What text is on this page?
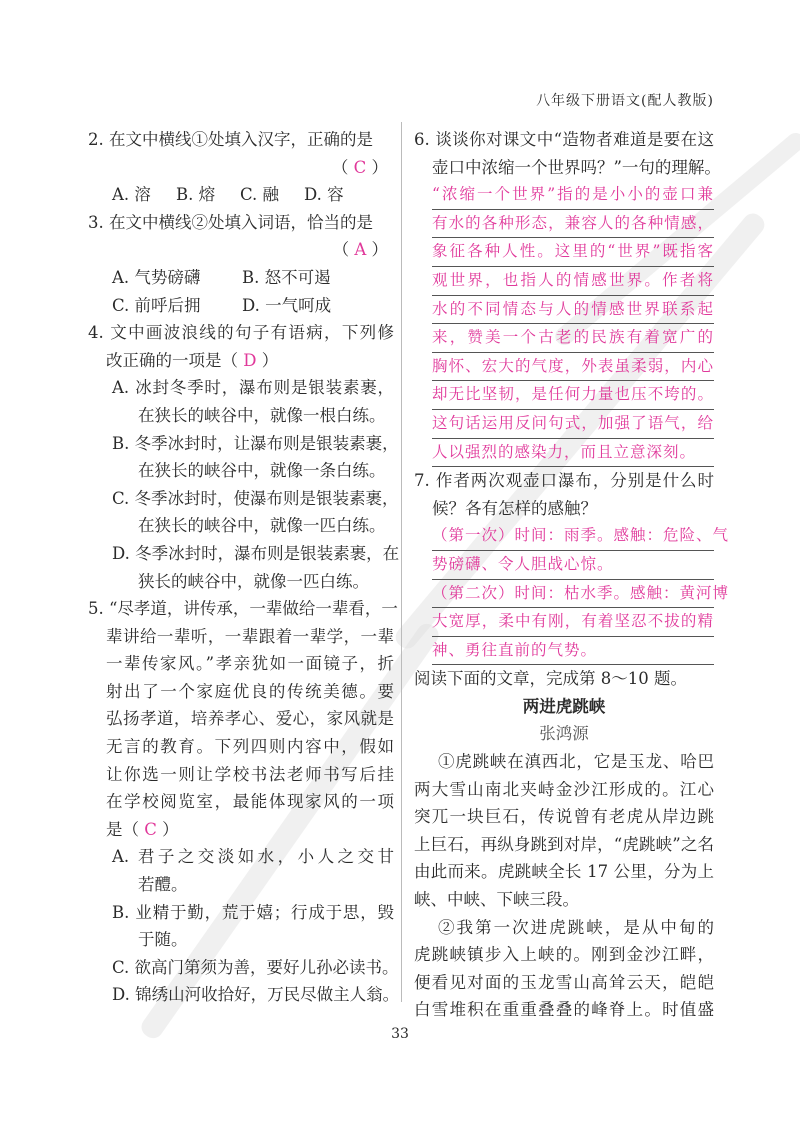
八年级下册语文(配人教版)
2. 在文中横线①处填入汉字，正确的是
（ C ）
A. 溶	B. 熔	C. 融	D. 容
3. 在文中横线②处填入词语，恰当的是
（ A ）
A. 气势磅礴	B. 怒不可遏
C. 前呼后拥	D. 一气呵成
4. 文中画波浪线的句子有语病，下列修
改正确的一项是（ D ）
A. 冰封冬季时，瀑布则是银装素裹，
在狭长的峡谷中，就像一根白练。
B. 冬季冰封时，让瀑布则是银装素裹，
在狭长的峡谷中，就像一条白练。
C. 冬季冰封时，使瀑布则是银装素裹，
在狭长的峡谷中，就像一匹白练。
D. 冬季冰封时，瀑布则是银装素裹，在
狭长的峡谷中，就像一匹白练。
5. “尽孝道，讲传承，一辈做给一辈看，一
辈讲给一辈听，一辈跟着一辈学，一辈
一辈传家风。”孝亲犹如一面镜子，折
射出了一个家庭优良的传统美德。要
弘扬孝道，培养孝心、爱心，家风就是
无言的教育。下列四则内容中，假如
让你选一则让学校书法老师书写后挂
在学校阅览室，最能体现家风的一项
是（ C ）
A. 君子之交淡如水，小人之交甘
若醴。
B. 业精于勤，荒于嬉；行成于思，毁
于随。
C. 欲高门第须为善，要好儿孙必读书。
D. 锦绣山河收拾好，万民尽做主人翁。
6. 谈谈你对课文中“造物者难道是要在这
壶口中浓缩一个世界吗？”一句的理解。
“浓缩一个世界”指的是小小的壶口兼
有水的各种形态，兼容人的各种情感，
象征各种人性。这里的“世界”既指客
观世界，也指人的情感世界。作者将
水的不同情态与人的情感世界联系起
来，赞美一个古老的民族有着宽广的
胸怀、宏大的气度，外表虽柔弱，内心
却无比坚韧，是任何力量也压不垮的。
这句话运用反问句式，加强了语气，给
人以强烈的感染力，而且立意深刻。
7. 作者两次观壶口瀑布，分别是什么时
候？各有怎样的感触？
（第一次）时间：雨季。感触：危险、气
势磅礴、令人胆战心惊。
（第二次）时间：枯水季。感触：黄河博
大宽厚，柔中有刚，有着坚忍不拔的精
神、勇往直前的气势。
阅读下面的文章，完成第 8～10 题。
两进虎跳峡
张鸿源
①虎跳峡在滇西北，它是玉龙、哈巴
两大雪山南北夹峙金沙江形成的。江心
突兀一块巨石，传说曾有老虎从岸边跳
上巨石，再纵身跳到对岸，“虎跳峡”之名
由此而来。虎跳峡全长 17 公里，分为上
峡、中峡、下峡三段。
②我第一次进虎跳峡，是从中甸的
虎跳峡镇步入上峡的。刚到金沙江畔，
便看见对面的玉龙雪山高耸云天，皑皑
白雪堆积在重重叠叠的峰脊上。时值盛
33
